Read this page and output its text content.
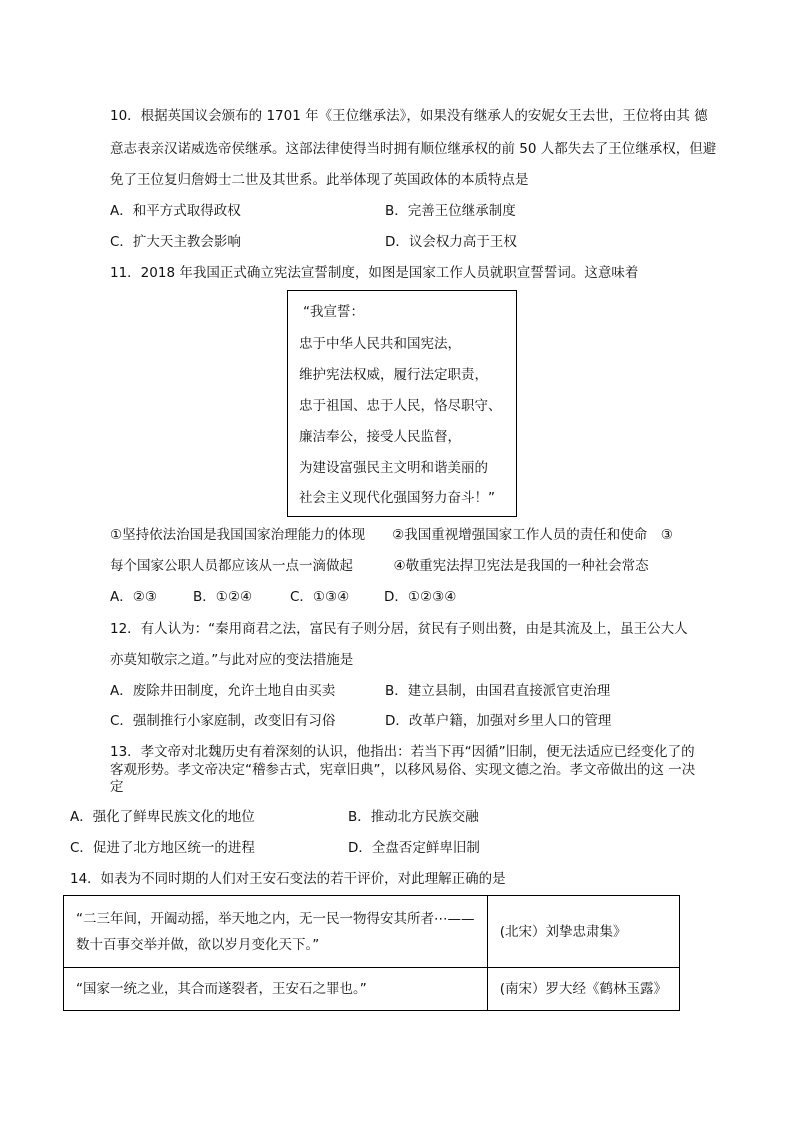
10．根据英国议会颁布的 1701 年《王位继承法》，如果没有继承人的安妮女王去世，王位将由其 德
意志表亲汉诺威选帝侯继承。这部法律使得当时拥有顺位继承权的前 50 人都失去了王位继承权，但避
免了王位复归詹姆士二世及其世系。此举体现了英国政体的本质特点是
A．和平方式取得政权	B．完善王位继承制度
C．扩大天主教会影响	D．议会权力高于王权
11．2018 年我国正式确立宪法宣誓制度，如图是国家工作人员就职宣誓誓词。这意味着
“我宣誓：
忠于中华人民共和国宪法，
维护宪法权威，履行法定职责，
忠于祖国、忠于人民，恪尽职守、
廉洁奉公，接受人民监督，
为建设富强民主文明和谐美丽的
社会主义现代化强国努力奋斗！”
①坚持依法治国是我国国家治理能力的体现　　②我国重视增强国家工作人员的责任和使命　③
每个国家公职人员都应该从一点一滴做起　　　④敬重宪法捍卫宪法是我国的一种社会常态
A．②③	B．①②④	C．①③④	D．①②③④
12．有人认为：“秦用商君之法，富民有子则分居，贫民有子则出赘，由是其流及上，虽王公大人
亦莫知敬宗之道。”与此对应的变法措施是
A．废除井田制度，允许土地自由买卖	B．建立县制，由国君直接派官吏治理
C．强制推行小家庭制，改变旧有习俗	D．改革户籍，加强对乡里人口的管理
13．孝文帝对北魏历史有着深刻的认识，他指出：若当下再“因循”旧制，便无法适应已经变化了的
客观形势。孝文帝决定“稽参古式，宪章旧典”，以移风易俗、实现文德之治。孝文帝做出的这 一决
定
A．强化了鲜卑民族文化的地位	B．推动北方民族交融
C．促进了北方地区统一的进程	D．全盘否定鲜卑旧制
14．如表为不同时期的人们对王安石变法的若干评价，对此理解正确的是
“二三年间，开阖动摇，举天地之内，无一民一物得安其所者⋯——
数十百事交举并做，欲以岁月变化天下。”	(北宋）刘挚忠肃集》

“国家一统之业，其合而遂裂者，王安石之罪也。”	(南宋）罗大经《鹤林玉露》
